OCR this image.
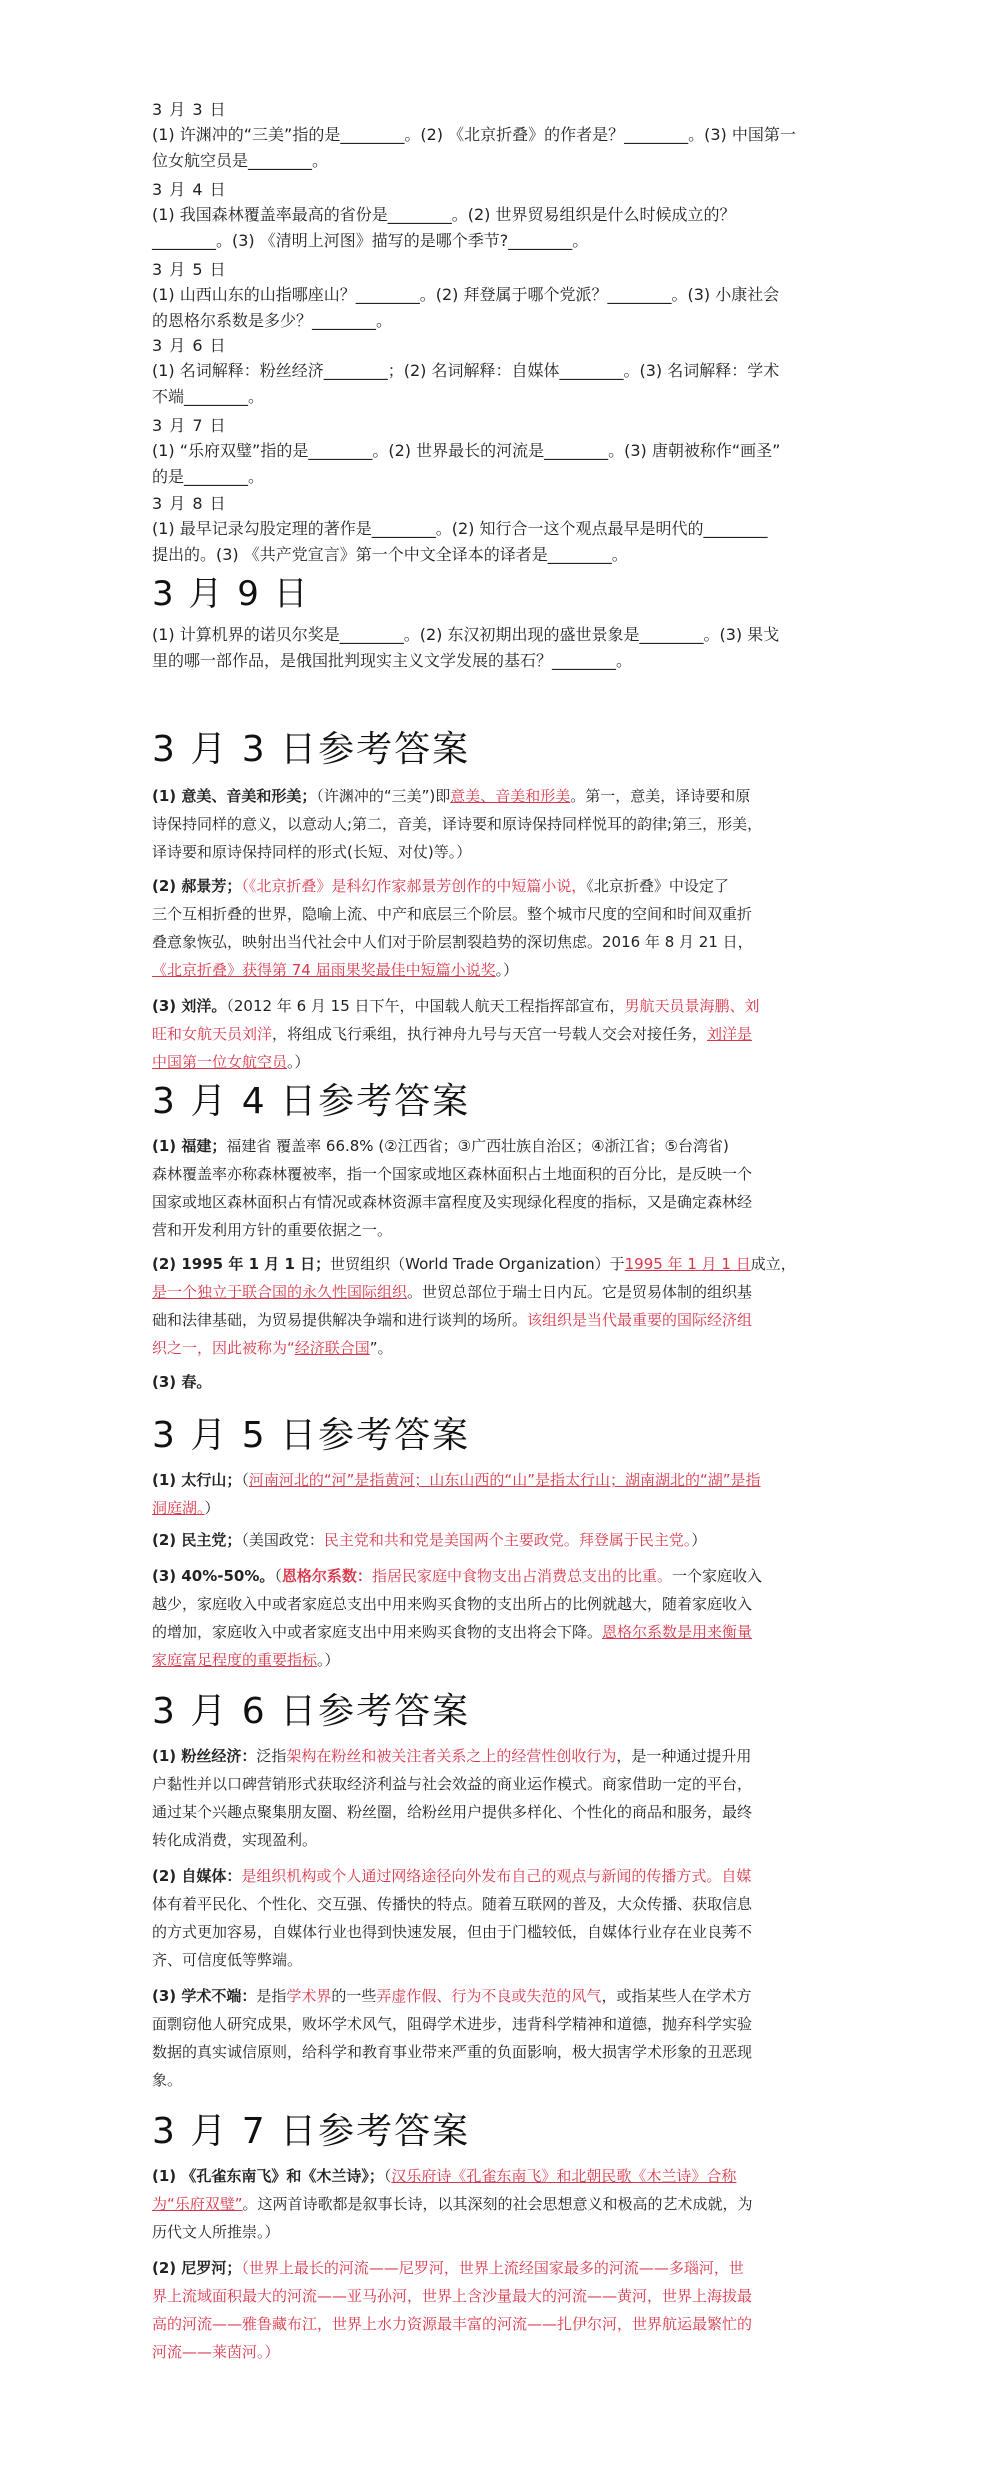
3 月 3 日
(1) 许渊冲的“三美”指的是________。(2) 《北京折叠》的作者是？________。(3) 中国第一
位女航空员是________。
3 月 4 日
(1) 我国森林覆盖率最高的省份是________。(2) 世界贸易组织是什么时候成立的？
________。(3) 《清明上河图》描写的是哪个季节?________。
3 月 5 日
(1) 山西山东的山指哪座山？________。(2) 拜登属于哪个党派？________。(3) 小康社会
的恩格尔系数是多少？________。
3 月 6 日
(1) 名词解释：粉丝经济________；(2) 名词解释：自媒体________。(3) 名词解释：学术
不端________。
3 月 7 日
(1) “乐府双璧”指的是________。(2) 世界最长的河流是________。(3) 唐朝被称作“画圣”
的是________。
3 月 8 日
(1) 最早记录勾股定理的著作是________。(2) 知行合一这个观点最早是明代的________
提出的。(3) 《共产党宣言》第一个中文全译本的译者是________。
3 月 9 日
(1) 计算机界的诺贝尔奖是________。(2) 东汉初期出现的盛世景象是________。(3) 果戈
里的哪一部作品，是俄国批判现实主义文学发展的基石？________。
3 月 3 日参考答案
(1) 意美、音美和形美；（许渊冲的“三美”)即意美、音美和形美。第一，意美，译诗要和原
诗保持同样的意义，以意动人;第二，音美，译诗要和原诗保持同样悦耳的韵律;第三，形美，
译诗要和原诗保持同样的形式(长短、对仗)等。）
(2) 郝景芳；（《北京折叠》是科幻作家郝景芳创作的中短篇小说，《北京折叠》中设定了
三个互相折叠的世界，隐喻上流、中产和底层三个阶层。整个城市尺度的空间和时间双重折
叠意象恢弘，映射出当代社会中人们对于阶层割裂趋势的深切焦虑。2016 年 8 月 21 日，
《北京折叠》获得第 74 届雨果奖最佳中短篇小说奖。）
(3) 刘洋。（2012 年 6 月 15 日下午，中国载人航天工程指挥部宣布，男航天员景海鹏、刘
旺和女航天员刘洋，将组成飞行乘组，执行神舟九号与天宫一号载人交会对接任务，刘洋是
中国第一位女航空员。）
3 月 4 日参考答案
(1) 福建；福建省 覆盖率 66.8% (②江西省；③广西壮族自治区；④浙江省；⑤台湾省)
森林覆盖率亦称森林覆被率，指一个国家或地区森林面积占土地面积的百分比，是反映一个
国家或地区森林面积占有情况或森林资源丰富程度及实现绿化程度的指标，又是确定森林经
营和开发利用方针的重要依据之一。
(2) 1995 年 1 月 1 日；世贸组织（World Trade Organization）于1995 年 1 月 1 日成立，
是一个独立于联合国的永久性国际组织。世贸总部位于瑞士日内瓦。它是贸易体制的组织基
础和法律基础，为贸易提供解决争端和进行谈判的场所。该组织是当代最重要的国际经济组
织之一，因此被称为“经济联合国”。
(3) 春。
3 月 5 日参考答案
(1) 太行山；（河南河北的“河”是指黄河；山东山西的“山”是指太行山；湖南湖北的“湖”是指
洞庭湖。）
(2) 民主党；（美国政党：民主党和共和党是美国两个主要政党。拜登属于民主党。）
(3) 40%-50%。（恩格尔系数：指居民家庭中食物支出占消费总支出的比重。一个家庭收入
越少，家庭收入中或者家庭总支出中用来购买食物的支出所占的比例就越大，随着家庭收入
的增加，家庭收入中或者家庭支出中用来购买食物的支出将会下降。恩格尔系数是用来衡量
家庭富足程度的重要指标。）
3 月 6 日参考答案
(1) 粉丝经济：泛指架构在粉丝和被关注者关系之上的经营性创收行为，是一种通过提升用
户黏性并以口碑营销形式获取经济利益与社会效益的商业运作模式。商家借助一定的平台，
通过某个兴趣点聚集朋友圈、粉丝圈，给粉丝用户提供多样化、个性化的商品和服务，最终
转化成消费，实现盈利。
(2) 自媒体：是组织机构或个人通过网络途径向外发布自己的观点与新闻的传播方式。自媒
体有着平民化、个性化、交互强、传播快的特点。随着互联网的普及，大众传播、获取信息
的方式更加容易，自媒体行业也得到快速发展，但由于门槛较低，自媒体行业存在业良莠不
齐、可信度低等弊端。
(3) 学术不端：是指学术界的一些弄虚作假、行为不良或失范的风气，或指某些人在学术方
面剽窃他人研究成果，败坏学术风气，阻碍学术进步，违背科学精神和道德，抛弃科学实验
数据的真实诚信原则，给科学和教育事业带来严重的负面影响，极大损害学术形象的丑恶现
象。
3 月 7 日参考答案
(1) 《孔雀东南飞》和《木兰诗》；（汉乐府诗《孔雀东南飞》和北朝民歌《木兰诗》合称
为“乐府双璧”。这两首诗歌都是叙事长诗，以其深刻的社会思想意义和极高的艺术成就，为
历代文人所推崇。）
(2) 尼罗河；（世界上最长的河流——尼罗河，世界上流经国家最多的河流——多瑙河，世
界上流域面积最大的河流——亚马孙河，世界上含沙量最大的河流——黄河，世界上海拔最
高的河流——雅鲁藏布江，世界上水力资源最丰富的河流——扎伊尔河，世界航运最繁忙的
河流——莱茵河。）
